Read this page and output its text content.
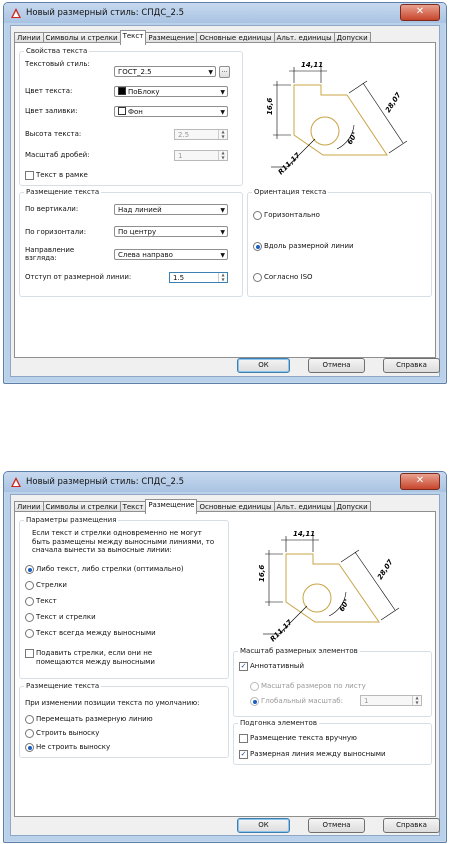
Новый размерный стиль: СПДС_2.5	✕
Линии Символы и стрелки Текст Размещение Основные единицы Альт. единицы Допуски
Свойства текста
Текстовый стиль:
ГОСТ_2.5	▼	...
Цвет текста:	ПоБлоку	▼
Цвет заливки:	Фон	▼
Высота текста:	2.5	▲
▼
Масштаб дробей:	1	▲
▼
Текст в рамке
Размещение текста
По вертикали:	Над линией	▼
По горизонтали:	По центру	▼
Направление взгляда:	Слева направо	▼
Отступ от размерной линии:	1.5	▲
▼
14,11
16,6	28,07
60°
R11,17
Ориентация текста
Горизонтально
Вдоль размерной линии
Согласно ISO
ОК	Отмена	Справка
Новый размерный стиль: СПДС_2.5	✕
Линии Символы и стрелки Текст Размещение Основные единицы Альт. единицы Допуски
Параметры размещения
Если текст и стрелки одновременно не могут быть размещены между выносными линиями, то сначала вынести за выносные линии:
Либо текст, либо стрелки (оптимально)
Стрелки
Текст
Текст и стрелки
Текст всегда между выносными
Подавить стрелки, если они не помещаются между выносными
Размещение текста
При изменении позиции текста по умолчанию:
Перемещать размерную линию
Строить выноску
Не строить выноску
14,11
16,6	28,07
60°
R11,17
Масштаб размерных элементов
✓ Аннотативный
Масштаб размеров по листу
Глобальный масштаб:	1	▲
▼
Подгонка элементов
Размещение текста вручную
✓ Размерная линия между выносными
ОК	Отмена	Справка
